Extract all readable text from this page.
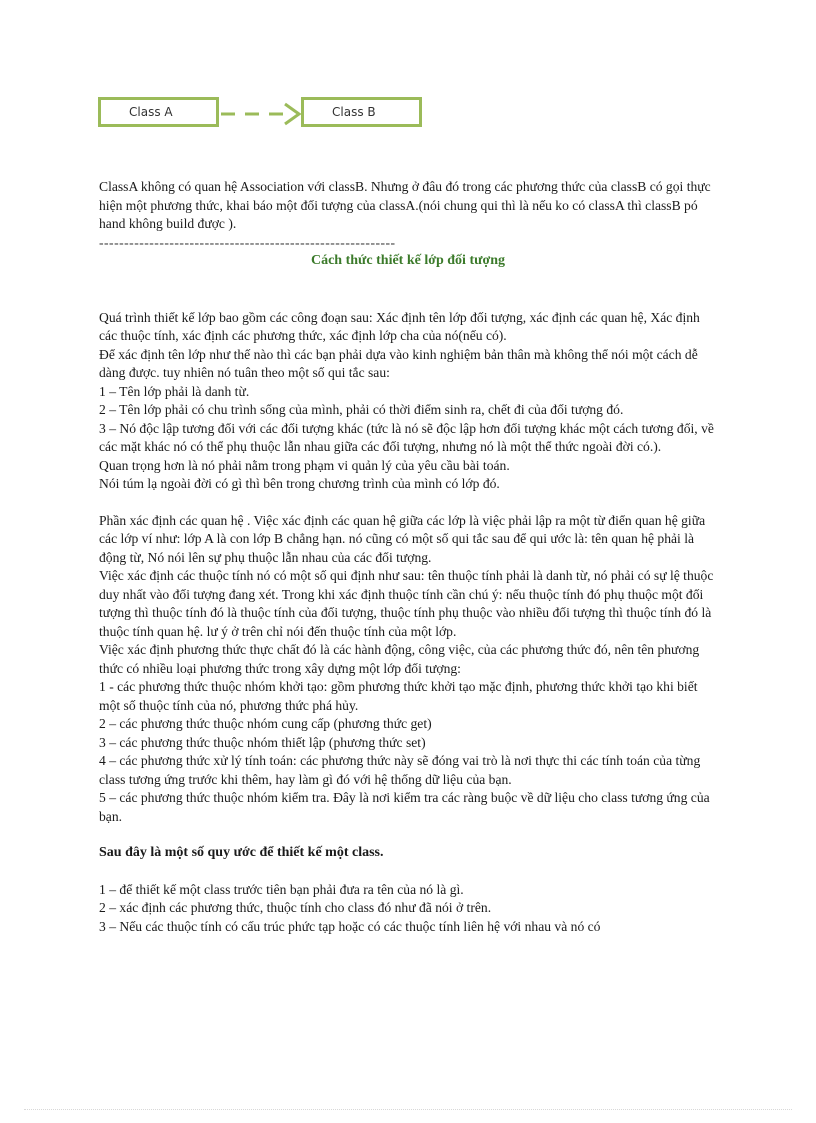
Class A	Class B

ClassA không có quan hệ Association với classB. Nhưng ở đâu đó trong các phương thức của classB có gọi thực hiện một phương thức, khai báo một đối tượng của classA.(nói chung qui thì là nếu ko có classA thì classB pó hand không build được ).

-----------------------------------------------------------

Cách thức thiết kế lớp đối tượng

Quá trình thiết kế lớp bao gồm các công đoạn sau: Xác định tên lớp đối tượng, xác định các quan hệ, Xác định các thuộc tính, xác định các phương thức, xác định lớp cha của nó(nếu có).

Để xác định tên lớp như thế nào thì các bạn phải dựa vào kinh nghiệm bản thân mà không thể nói một cách dễ dàng được. tuy nhiên nó tuân theo một số qui tắc sau:

1 – Tên lớp phải là danh từ.

2 – Tên lớp phải có chu trình sống của mình, phải có thời điểm sinh ra, chết đi của đối tượng đó.

3 – Nó độc lập tương đối với các đối tượng khác (tức là nó sẽ độc lập hơn đối tượng khác một cách tương đối, về các mặt khác nó có thể phụ thuộc lẫn nhau giữa các đối tượng, nhưng nó là một thể thức ngoài đời có.).

Quan trọng hơn là nó phải nằm trong phạm vi quản lý của yêu cầu bài toán.

Nói túm lạ ngoài đời có gì thì bên trong chương trình của mình có lớp đó.

Phần xác định các quan hệ . Việc xác định các quan hệ giữa các lớp là việc phải lập ra một từ điển quan hệ giữa các lớp ví như: lớp A là con lớp B chẳng hạn. nó cũng có một số qui tắc sau để qui ước là: tên quan hệ phải là động từ, Nó nói lên sự phụ thuộc lẫn nhau của các đối tượng.

Việc xác định các thuộc tính nó có một số qui định như sau: tên thuộc tính phải là danh từ, nó phải có sự lệ thuộc duy nhất vào đối tượng đang xét. Trong khi xác định thuộc tính cần chú ý: nếu thuộc tính đó phụ thuộc một đối tượng thì thuộc tính đó là thuộc tính của đối tượng, thuộc tính phụ thuộc vào nhiều đối tượng thì thuộc tính đó là thuộc tính quan hệ. lư ý ở trên chỉ nói đến thuộc tính của một lớp.

Việc xác định phương thức thực chất đó là các hành động, công việc, của các phương thức đó, nên tên phương thức có nhiều loại phương thức trong xây dựng một lớp đối tượng:

1 - các phương thức thuộc nhóm khởi tạo: gồm phương thức khởi tạo mặc định, phương thức khởi tạo khi biết một số thuộc tính của nó, phương thức phá hủy.

2 – các phương thức thuộc nhóm cung cấp (phương thức get)

3 – các phương thức thuộc nhóm thiết lập (phương thức set)

4 – các phương thức xử lý tính toán: các phương thức này sẽ đóng vai trò là nơi thực thi các tính toán của từng class tương ứng trước khi thêm, hay làm gì đó với hệ thống dữ liệu của bạn.

5 – các phương thức thuộc nhóm kiểm tra. Đây là nơi kiểm tra các ràng buộc về dữ liệu cho class tương ứng của bạn.

Sau đây là một số quy ước để thiết kế một class.

1 – để thiết kế một class trước tiên bạn phải đưa ra tên của nó là gì.

2 – xác định các phương thức, thuộc tính cho class đó như đã nói ở trên.

3 – Nếu các thuộc tính có cấu trúc phức tạp hoặc có các thuộc tính liên hệ với nhau và nó có
